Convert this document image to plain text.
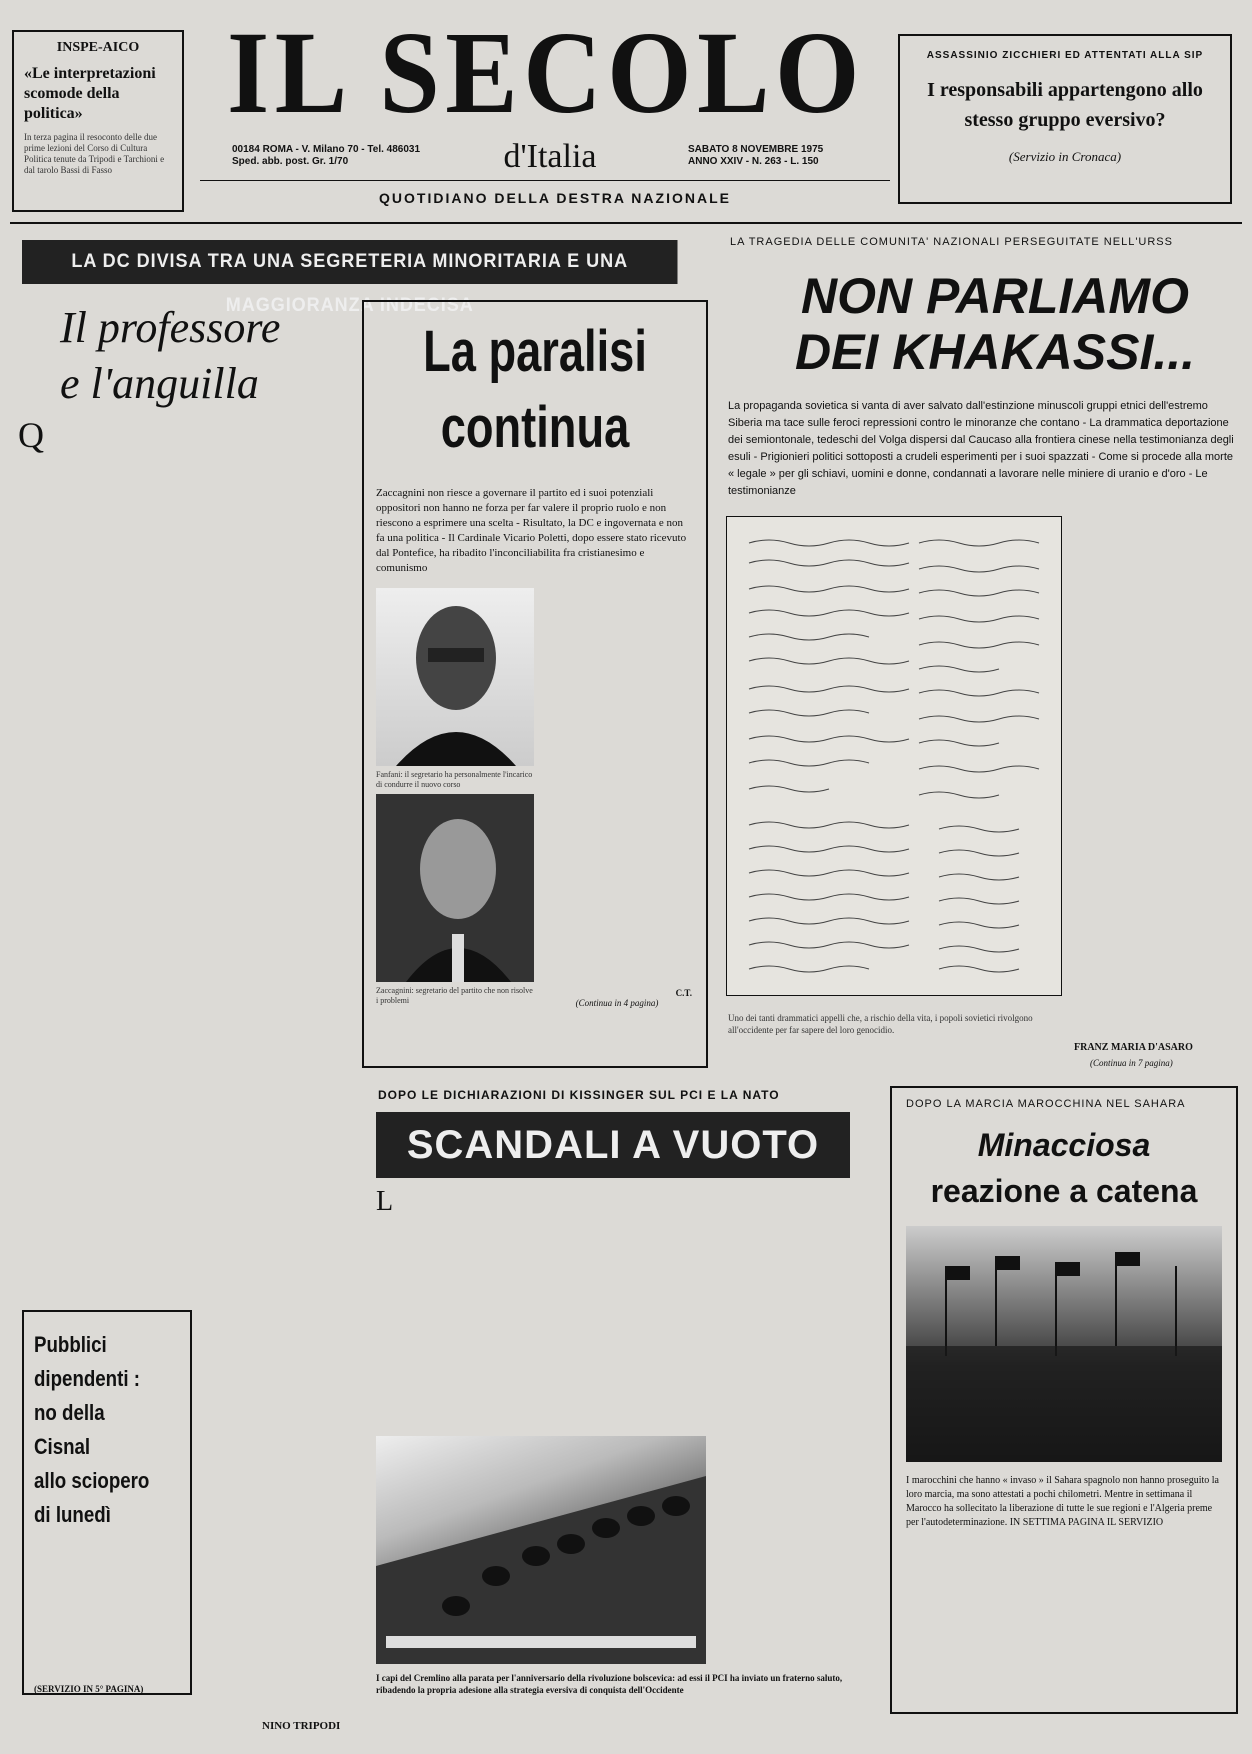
INSPE-AICO
«Le interpretazioni scomode della politica»
In terza pagina il resoconto delle due prime lezioni del Corso di Cultura Politica tenute da Tripodi e Tarchioni e dal tarolo Bassi di Fasso
IL SECOLO
d'Italia
00184 ROMA - V. Milano 70 - Tel. 486031
Sped. abb. post. Gr. 1/70
SABATO 8 NOVEMBRE 1975
ANNO XXIV - N. 263 - L. 150
QUOTIDIANO DELLA DESTRA NAZIONALE
ASSASSINIO ZICCHIERI ED ATTENTATI ALLA SIP
I responsabili appartengono allo stesso gruppo eversivo?
(Servizio in Cronaca)
LA DC DIVISA TRA UNA SEGRETERIA MINORITARIA E UNA MAGGIORANZA INDECISA
Il professore
e l'anguilla
Q
NINO TRIPODI
Pubblici
dipendenti :
no della Cisnal
allo sciopero
di lunedì
(SERVIZIO IN 5° PAGINA)
La paralisi
continua
Zaccagnini non riesce a governare il partito ed i suoi potenziali oppositori non hanno ne forza per far valere il proprio ruolo e non riescono a esprimere una scelta - Risultato, la DC e ingovernata e non fa una politica - Il Cardinale Vicario Poletti, dopo essere stato ricevuto dal Pontefice, ha ribadito l'inconciliabilita fra cristianesimo e comunismo
Fanfani: il segretario ha personalmente l'incarico di condurre il nuovo corso
Zaccagnini: segretario del partito che non risolve i problemi
C.T.
(Continua in 4 pagina)
LA TRAGEDIA DELLE COMUNITA' NAZIONALI PERSEGUITATE NELL'URSS
NON PARLIAMO
DEI KHAKASSI...
La propaganda sovietica si vanta di aver salvato dall'estinzione minuscoli gruppi etnici dell'estremo Siberia ma tace sulle feroci repressioni contro le minoranze che contano - La drammatica deportazione dei semiontonale, tedeschi del Volga dispersi dal Caucaso alla frontiera cinese nella testimonianza degli esuli - Prigionieri politici sottoposti a crudeli esperimenti per i suoi spazzati - Come si procede alla morte « legale » per gli schiavi, uomini e donne, condannati a lavorare nelle miniere di uranio e d'oro - Le testimonianze
FRANZ MARIA D'ASARO
(Continua in 7 pagina)
Uno dei tanti drammatici appelli che, a rischio della vita, i popoli sovietici rivolgono all'occidente per far sapere del loro genocidio.
DOPO LE DICHIARAZIONI DI KISSINGER SUL PCI E LA NATO
SCANDALI A VUOTO
L
I capi del Cremlino alla parata per l'anniversario della rivoluzione bolscevica: ad essi il PCI ha inviato un fraterno saluto, ribadendo la propria adesione alla strategia eversiva di conquista dell'Occidente
DOPO LA MARCIA MAROCCHINA NEL SAHARA
Minacciosa
reazione a catena
I marocchini che hanno « invaso » il Sahara spagnolo non hanno proseguito la loro marcia, ma sono attestati a pochi chilometri. Mentre in settimana il Marocco ha sollecitato la liberazione di tutte le sue regioni e l'Algeria preme per l'autodeterminazione. IN SETTIMA PAGINA IL SERVIZIO
